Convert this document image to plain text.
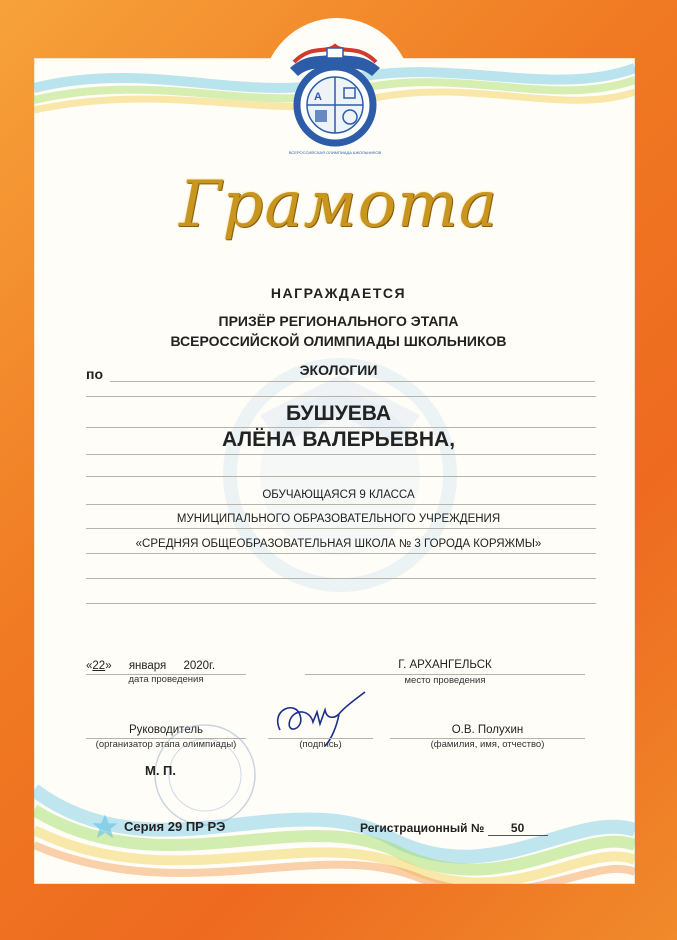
A
ВСЕРОССИЙСКАЯ ОЛИМПИАДА ШКОЛЬНИКОВ
Грамота
НАГРАЖДАЕТСЯ
ПРИЗЁР РЕГИОНАЛЬНОГО ЭТАПА
ВСЕРОССИЙСКОЙ ОЛИМПИАДЫ ШКОЛЬНИКОВ
по	ЭКОЛОГИИ
БУШУЕВА
АЛЁНА ВАЛЕРЬЕВНА,
ОБУЧАЮЩАЯСЯ 9 КЛАССА
МУНИЦИПАЛЬНОГО ОБРАЗОВАТЕЛЬНОГО УЧРЕЖДЕНИЯ
«СРЕДНЯЯ ОБЩЕОБРАЗОВАТЕЛЬНАЯ ШКОЛА № 3 ГОРОДА КОРЯЖМЫ»
«22» января 2020г.
дата проведения
Г. АРХАНГЕЛЬСК
место проведения
Руководитель
(организатор этапа олимпиады)	(подпись)
О.В. Полухин
(фамилия, имя, отчество)
М. П.
Серия 29 ПР РЭ	Регистрационный № 50
